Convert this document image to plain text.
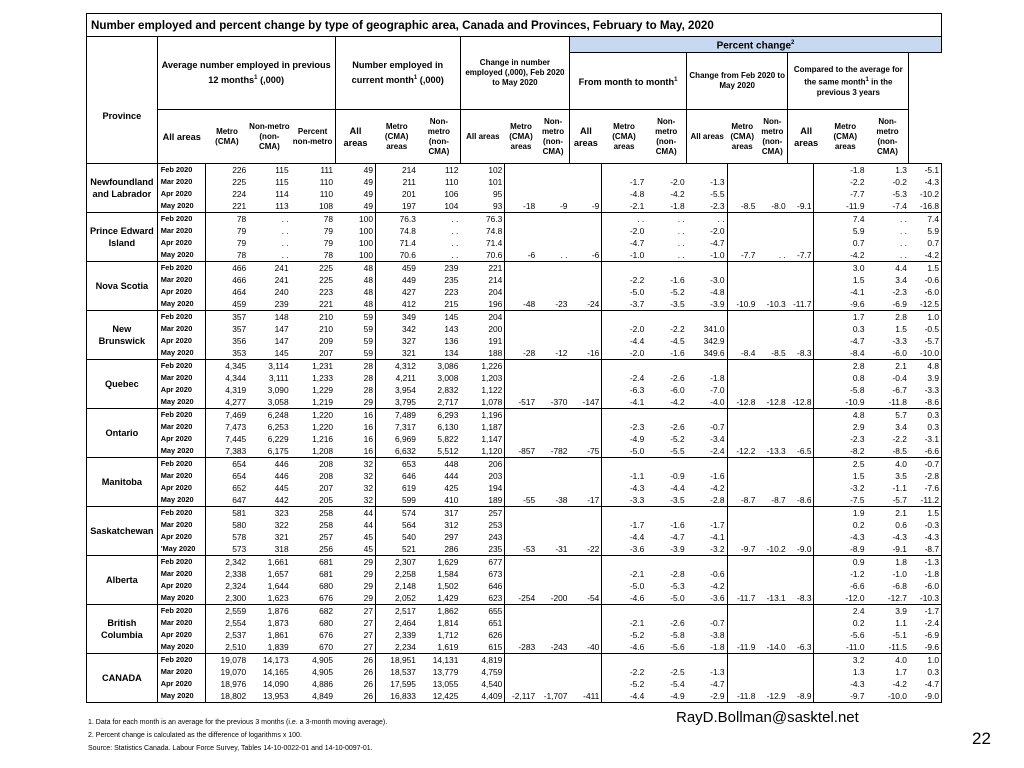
Number employed and percent change by type of geographic area, Canada and Provinces, February to May, 2020																					
Province	Average number employed in previous 12 months$^1$ (,000)				Number employed in current month$^1$ (,000)			Change in number employed (,000), Feb 2020 to May 2020			Percent change$^2$
											From month to month$^1$			Change from Feb 2020 to May 2020			Compared to the average for the same month$^1$ in the previous 3 years				
	All areas	Metro (CMA)	Non-metro (non-CMA)	Percent non-metro	All areas	Metro (CMA) areas	Non-metro (non-CMA)	All areas	Metro (CMA) areas	Non-metro (non-CMA)	All areas	Metro (CMA) areas	Non-metro (non-CMA)	All areas	Metro (CMA) areas	Non-metro (non-CMA)	All areas		Metro (CMA) areas	Non-metro (non-CMA)	
Newfoundland and Labrador	Feb 2020	226	115	111	49	214	112	102											-1.8	1.3	-5.1
	Mar 2020	225	115	110	49	211	110	101				-1.7	-2.0	-1.3					-2.2	-0.2	-4.3
	Apr 2020	224	114	110	49	201	106	95				-4.8	-4.2	-5.5					-7.7	-5.3	-10.2
	May 2020	221	113	108	49	197	104	93	-18	-9	-9	-2.1	-1.8	-2.3	-8.5	-8.0	-9.1		-11.9	-7.4	-16.8
Prince Edward Island	Feb 2020	78	. .	78	100	76.3	. .	76.3				. .	. .	. .					7.4	. .	7.4
	Mar 2020	79	. .	79	100	74.8	. .	74.8				-2.0	. .	-2.0					5.9	. .	5.9
	Apr 2020	79	. .	79	100	71.4	. .	71.4				-4.7	. .	-4.7					0.7	. .	0.7
	May 2020	78	. .	78	100	70.6	. .	70.6	-6	. .	-6	-1.0	. .	-1.0	-7.7	. .	-7.7		-4.2	. .	-4.2
Nova Scotia	Feb 2020	466	241	225	48	459	239	221											3.0	4.4	1.5
	Mar 2020	466	241	225	48	449	235	214				-2.2	-1.6	-3.0					1.5	3.4	-0.6
	Apr 2020	464	240	223	48	427	223	204				-5.0	-5.2	-4.8					-4.1	-2.3	-6.0
	May 2020	459	239	221	48	412	215	196	-48	-23	-24	-3.7	-3.5	-3.9	-10.9	-10.3	-11.7		-9.6	-6.9	-12.5
New Brunswick	Feb 2020	357	148	210	59	349	145	204											1.7	2.8	1.0
	Mar 2020	357	147	210	59	342	143	200				-2.0	-2.2	341.0					0.3	1.5	-0.5
	Apr 2020	356	147	209	59	327	136	191				-4.4	-4.5	342.9					-4.7	-3.3	-5.7
	May 2020	353	145	207	59	321	134	188	-28	-12	-16	-2.0	-1.6	349.6	-8.4	-8.5	-8.3		-8.4	-6.0	-10.0
Quebec	Feb 2020	4,345	3,114	1,231	28	4,312	3,086	1,226											2.8	2.1	4.8
	Mar 2020	4,344	3,111	1,233	28	4,211	3,008	1,203				-2.4	-2.6	-1.8					0.8	-0.4	3.9
	Apr 2020	4,319	3,090	1,229	28	3,954	2,832	1,122				-6.3	-6.0	-7.0					-5.8	-6.7	-3.3
	May 2020	4,277	3,058	1,219	29	3,795	2,717	1,078	-517	-370	-147	-4.1	-4.2	-4.0	-12.8	-12.8	-12.8		-10.9	-11.8	-8.6
Ontario	Feb 2020	7,469	6,248	1,220	16	7,489	6,293	1,196											4.8	5.7	0.3
	Mar 2020	7,473	6,253	1,220	16	7,317	6,130	1,187				-2.3	-2.6	-0.7					2.9	3.4	0.3
	Apr 2020	7,445	6,229	1,216	16	6,969	5,822	1,147				-4.9	-5.2	-3.4					-2.3	-2.2	-3.1
	May 2020	7,383	6,175	1,208	16	6,632	5,512	1,120	-857	-782	-75	-5.0	-5.5	-2.4	-12.2	-13.3	-6.5		-8.2	-8.5	-6.6
Manitoba	Feb 2020	654	446	208	32	653	448	206											2.5	4.0	-0.7
	Mar 2020	654	446	208	32	646	444	203				-1.1	-0.9	-1.6					1.5	3.5	-2.8
	Apr 2020	652	445	207	32	619	425	194				-4.3	-4.4	-4.2					-3.2	-1.1	-7.6
	May 2020	647	442	205	32	599	410	189	-55	-38	-17	-3.3	-3.5	-2.8	-8.7	-8.7	-8.6		-7.5	-5.7	-11.2
Saskatchewan	Feb 2020	581	323	258	44	574	317	257											1.9	2.1	1.5
	Mar 2020	580	322	258	44	564	312	253				-1.7	-1.6	-1.7					0.2	0.6	-0.3
	Apr 2020	578	321	257	45	540	297	243				-4.4	-4.7	-4.1					-4.3	-4.3	-4.3
	'May 2020	573	318	256	45	521	286	235	-53	-31	-22	-3.6	-3.9	-3.2	-9.7	-10.2	-9.0		-8.9	-9.1	-8.7
Alberta	Feb 2020	2,342	1,661	681	29	2,307	1,629	677											0.9	1.8	-1.3
	Mar 2020	2,338	1,657	681	29	2,258	1,584	673				-2.1	-2.8	-0.6					-1.2	-1.0	-1.8
	Apr 2020	2,324	1,644	680	29	2,148	1,502	646				-5.0	-5.3	-4.2					-6.6	-6.8	-6.0
	May 2020	2,300	1,623	676	29	2,052	1,429	623	-254	-200	-54	-4.6	-5.0	-3.6	-11.7	-13.1	-8.3		-12.0	-12.7	-10.3
British Columbia	Feb 2020	2,559	1,876	682	27	2,517	1,862	655											2.4	3.9	-1.7
	Mar 2020	2,554	1,873	680	27	2,464	1,814	651				-2.1	-2.6	-0.7					0.2	1.1	-2.4
	Apr 2020	2,537	1,861	676	27	2,339	1,712	626				-5.2	-5.8	-3.8					-5.6	-5.1	-6.9
	May 2020	2,510	1,839	670	27	2,234	1,619	615	-283	-243	-40	-4.6	-5.6	-1.8	-11.9	-14.0	-6.3		-11.0	-11.5	-9.6
CANADA	Feb 2020	19,078	14,173	4,905	26	18,951	14,131	4,819											3.2	4.0	1.0
	Mar 2020	19,070	14,165	4,905	26	18,537	13,779	4,759				-2.2	-2.5	-1.3					1.3	1.7	0.3
	Apr 2020	18,976	14,090	4,886	26	17,595	13,055	4,540				-5.2	-5.4	-4.7					-4.3	-4.2	-4.7
	May 2020	18,802	13,953	4,849	26	16,833	12,425	4,409	-2,117	-1,707	-411	-4.4	-4.9	-2.9	-11.8	-12.9	-8.9		-9.7	-10.0	-9.0
1. Data for each month is an average for the previous 3 months (i.e. a 3-month moving average).
2. Percent change is calculated as the difference of logarithms x 100.
Source: Statistics Canada. Labour Force Survey, Tables 14-10-0022-01 and 14-10-0097-01.
RayD.Bollman@sasktel.net
22
